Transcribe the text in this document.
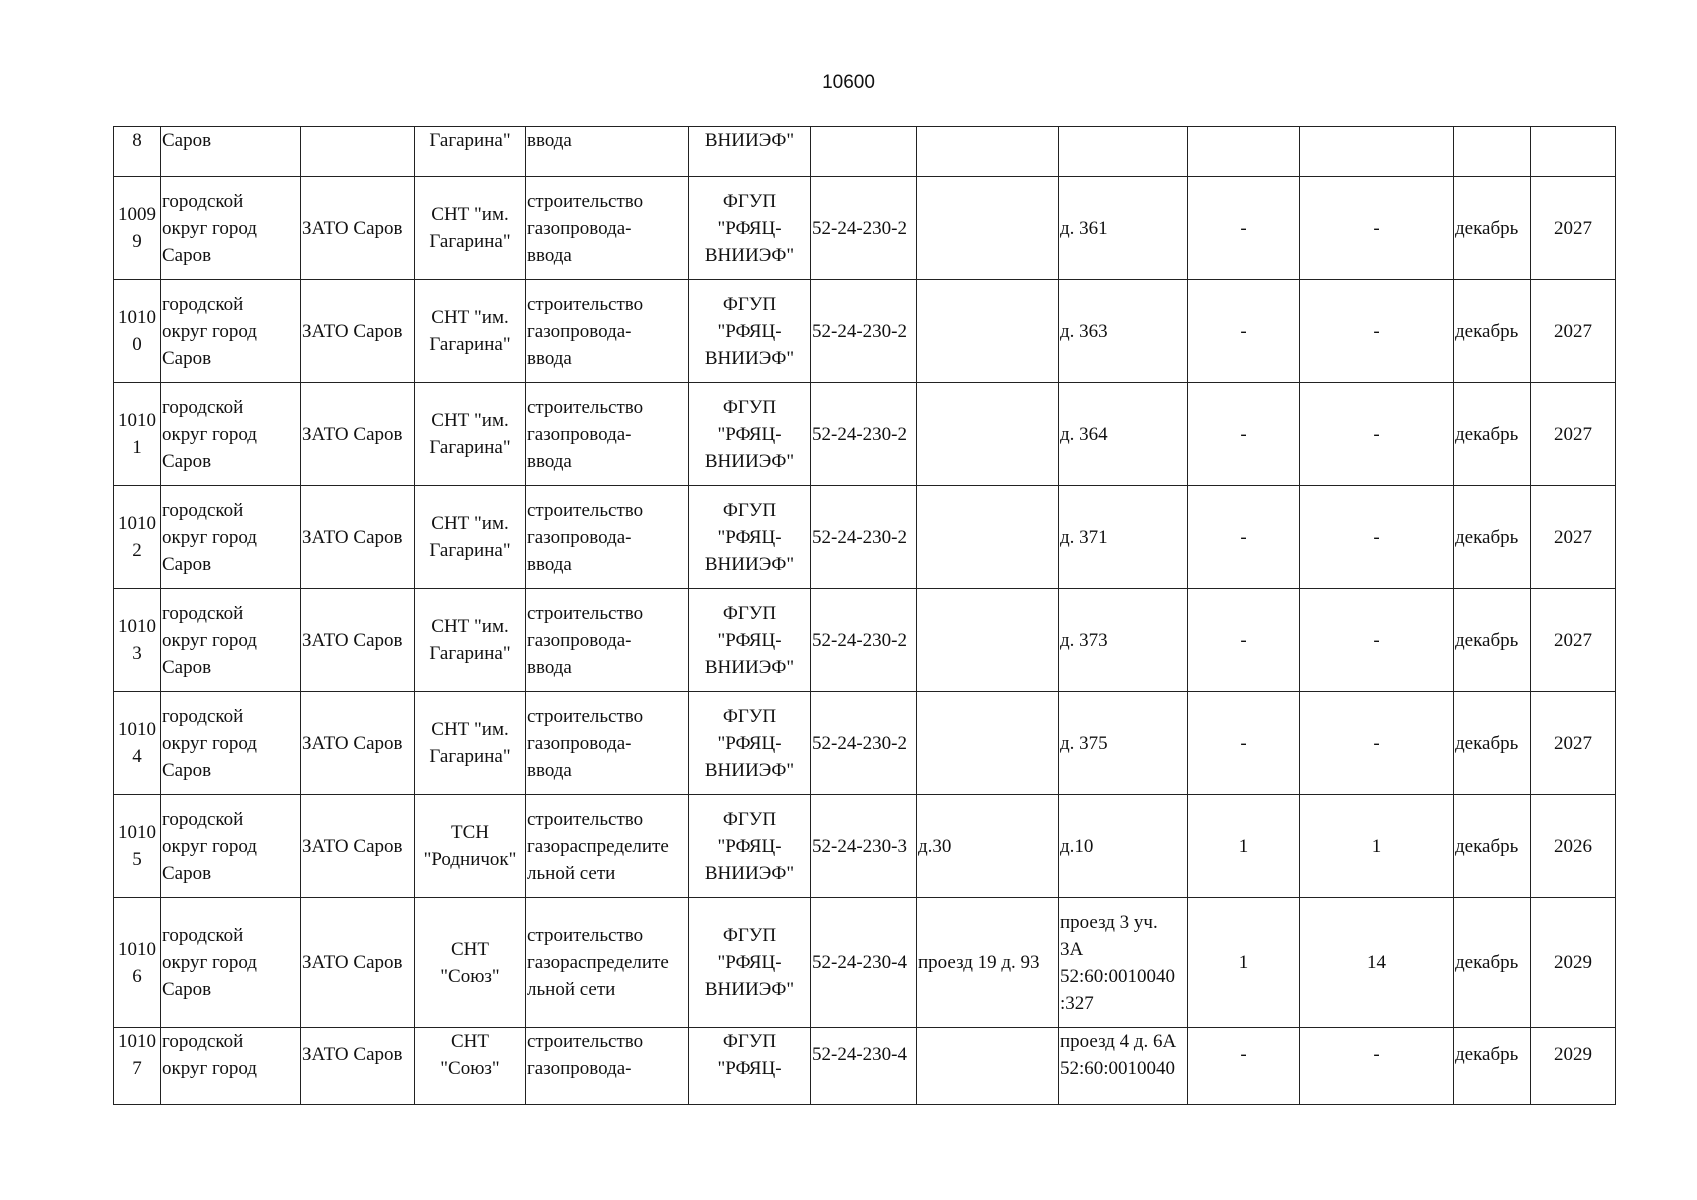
10600
8	Саров		Гагарина"	ввода	ВНИИЭФ"							

10099	городской
округ город
Саров	ЗАТО Саров	СНТ "им.
Гагарина"	строительство
газопровода-
ввода	ФГУП
"РФЯЦ-
ВНИИЭФ"	52-24-230-2		д. 361	-	-	декабрь	2027

10100	городской
округ город
Саров	ЗАТО Саров	СНТ "им.
Гагарина"	строительство
газопровода-
ввода	ФГУП
"РФЯЦ-
ВНИИЭФ"	52-24-230-2		д. 363	-	-	декабрь	2027

10101	городской
округ город
Саров	ЗАТО Саров	СНТ "им.
Гагарина"	строительство
газопровода-
ввода	ФГУП
"РФЯЦ-
ВНИИЭФ"	52-24-230-2		д. 364	-	-	декабрь	2027

10102	городской
округ город
Саров	ЗАТО Саров	СНТ "им.
Гагарина"	строительство
газопровода-
ввода	ФГУП
"РФЯЦ-
ВНИИЭФ"	52-24-230-2		д. 371	-	-	декабрь	2027

10103	городской
округ город
Саров	ЗАТО Саров	СНТ "им.
Гагарина"	строительство
газопровода-
ввода	ФГУП
"РФЯЦ-
ВНИИЭФ"	52-24-230-2		д. 373	-	-	декабрь	2027

10104	городской
округ город
Саров	ЗАТО Саров	СНТ "им.
Гагарина"	строительство
газопровода-
ввода	ФГУП
"РФЯЦ-
ВНИИЭФ"	52-24-230-2		д. 375	-	-	декабрь	2027

10105	городской
округ город
Саров	ЗАТО Саров	ТСН
"Родничок"	строительство
газораспределите
льной сети	ФГУП
"РФЯЦ-
ВНИИЭФ"	52-24-230-3	д.30	д.10	1	1	декабрь	2026

10106	городской
округ город
Саров	ЗАТО Саров	СНТ
"Союз"	строительство
газораспределите
льной сети	ФГУП
"РФЯЦ-
ВНИИЭФ"	52-24-230-4	проезд 19 д. 93	проезд 3 уч.
3А
52:60:0010040
:327	1	14	декабрь	2029

10107	городской
округ город	ЗАТО Саров	СНТ
"Союз"	строительство
газопровода-	ФГУП
"РФЯЦ-	52-24-230-4		проезд 4 д. 6А
52:60:0010040	-	-	декабрь	2029
